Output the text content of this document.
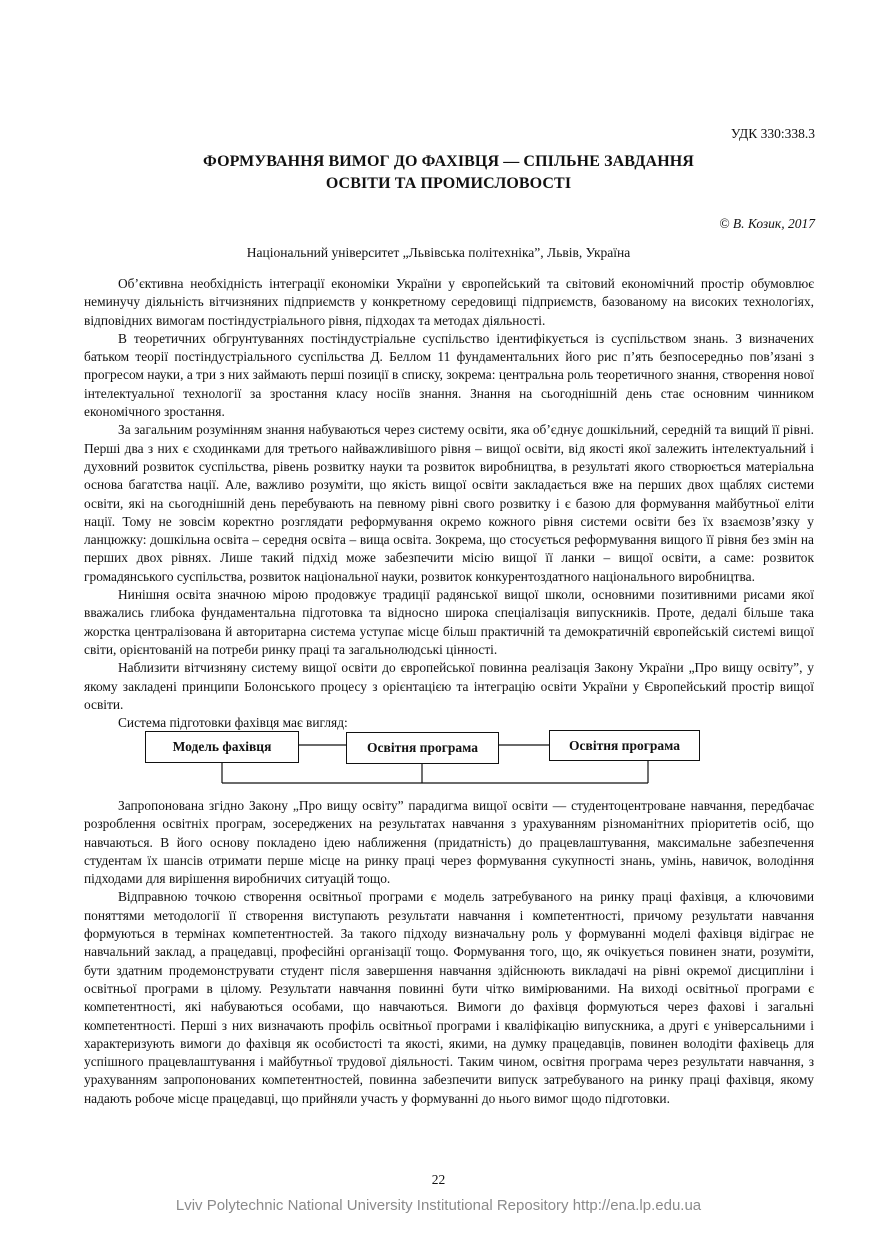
УДК 330:338.3
ФОРМУВАННЯ ВИМОГ ДО ФАХІВЦЯ — СПІЛЬНЕ ЗАВДАННЯ
ОСВІТИ ТА ПРОМИСЛОВОСТІ
© В. Козик, 2017
Національний університет „Львівська політехніка”, Львів, Україна

Об’єктивна необхідність інтеграції економіки України у європейський та світовий економічний простір обумовлює неминучу діяльність вітчизняних підприємств у конкретному середовищі підприємств, базованому на високих технологіях, відповідних вимогам постіндустріального рівня, підходах та методах діяльності.

В теоретичних обгрунтуваннях постіндустріальне суспільство ідентифікується із суспільством знань. З визначених батьком теорії постіндустріального суспільства Д. Беллом 11 фундаментальних його рис п’ять безпосередньо пов’язані з прогресом науки, а три з них займають перші позиції в списку, зокрема: центральна роль теоретичного знання, створення нової інтелектуальної технології за зростання класу носіїв знання. Знання на сьогоднішній день стає основним чинником економічного зростання.

За загальним розумінням знання набуваються через систему освіти, яка об’єднує дошкільний, середній та вищий її рівні. Перші два з них є сходинками для третього найважливішого рівня – вищої освіти, від якості якої залежить інтелектуальний і духовний розвиток суспільства, рівень розвитку науки та розвиток виробництва, в результаті якого створюється матеріальна основа багатства нації. Але, важливо розуміти, що якість вищої освіти закладається вже на перших двох щаблях системи освіти, які на сьогоднішній день перебувають на певному рівні свого розвитку і є базою для формування майбутньої еліти нації. Тому не зовсім коректно розглядати реформування окремо кожного рівня системи освіти без їх взаємозв’язку у ланцюжку: дошкільна освіта – середня освіта – вища освіта. Зокрема, що стосується реформування вищого її рівня без змін на перших двох рівнях. Лише такий підхід може забезпечити місію вищої її ланки – вищої освіти, а саме: розвиток громадянського суспільства, розвиток національної науки, розвиток конкурентоздатного національного виробництва.

Нинішня освіта значною мірою продовжує традиції радянської вищої школи, основними позитивними рисами якої вважались глибока фундаментальна підготовка та відносно широка спеціалізація випускників. Проте, дедалі більше така жорстка централізована й авторитарна система уступає місце більш практичній та демократичній європейській системі вищої світи, орієнтованій на потреби ринку праці та загальнолюдські цінності.

Наблизити вітчизняну систему вищої освіти до європейської повинна реалізація Закону України „Про вищу освіту”, у якому закладені принципи Болонського процесу з орієнтацією та інтеграцію освіти України у Європейський простір вищої освіти.

Система підготовки фахівця має вигляд:

Модель фахівця	Освітня програма	Освітня програма

Запропонована згідно Закону „Про вищу освіту” парадигма вищої освіти — студентоцентроване навчання, передбачає розроблення освітніх програм, зосереджених на результатах навчання з урахуванням різноманітних пріоритетів осіб, що навчаються. В його основу покладено ідею наближення (придатність) до працевлаштування, максимальне забезпечення студентам їх шансів отримати перше місце на ринку праці через формування сукупності знань, умінь, навичок, володіння підходами для вирішення виробничих ситуацій тощо.

Відправною точкою створення освітньої програми є модель затребуваного на ринку праці фахівця, а ключовими поняттями методології її створення виступають результати навчання і компетентності, причому результати навчання формуються в термінах компетентностей. За такого підходу визначальну роль у формуванні моделі фахівця відіграє не навчальний заклад, а працедавці, професійні організації тощо. Формування того, що, як очікується повинен знати, розуміти, бути здатним продемонструвати студент після завершення навчання здійснюють викладачі на рівні окремої дисципліни і освітньої програми в цілому. Результати навчання повинні бути чітко вимірюваними. На виході освітньої програми є компетентності, які набуваються особами, що навчаються. Вимоги до фахівця формуються через фахові і загальні компетентності. Перші з них визначають профіль освітньої програми і кваліфікацію випускника, а другі є універсальними і характеризують вимоги до фахівця як особистості та якості, якими, на думку працедавців, повинен володіти фахівець для успішного працевлаштування і майбутньої трудової діяльності. Таким чином, освітня програма через результати навчання, з урахуванням запропонованих компетентностей, повинна забезпечити випуск затребуваного на ринку праці фахівця, якому надають робоче місце працедавці, що прийняли участь у формуванні до нього вимог щодо підготовки.

22
Lviv Polytechnic National University Institutional Repository http://ena.lp.edu.ua
